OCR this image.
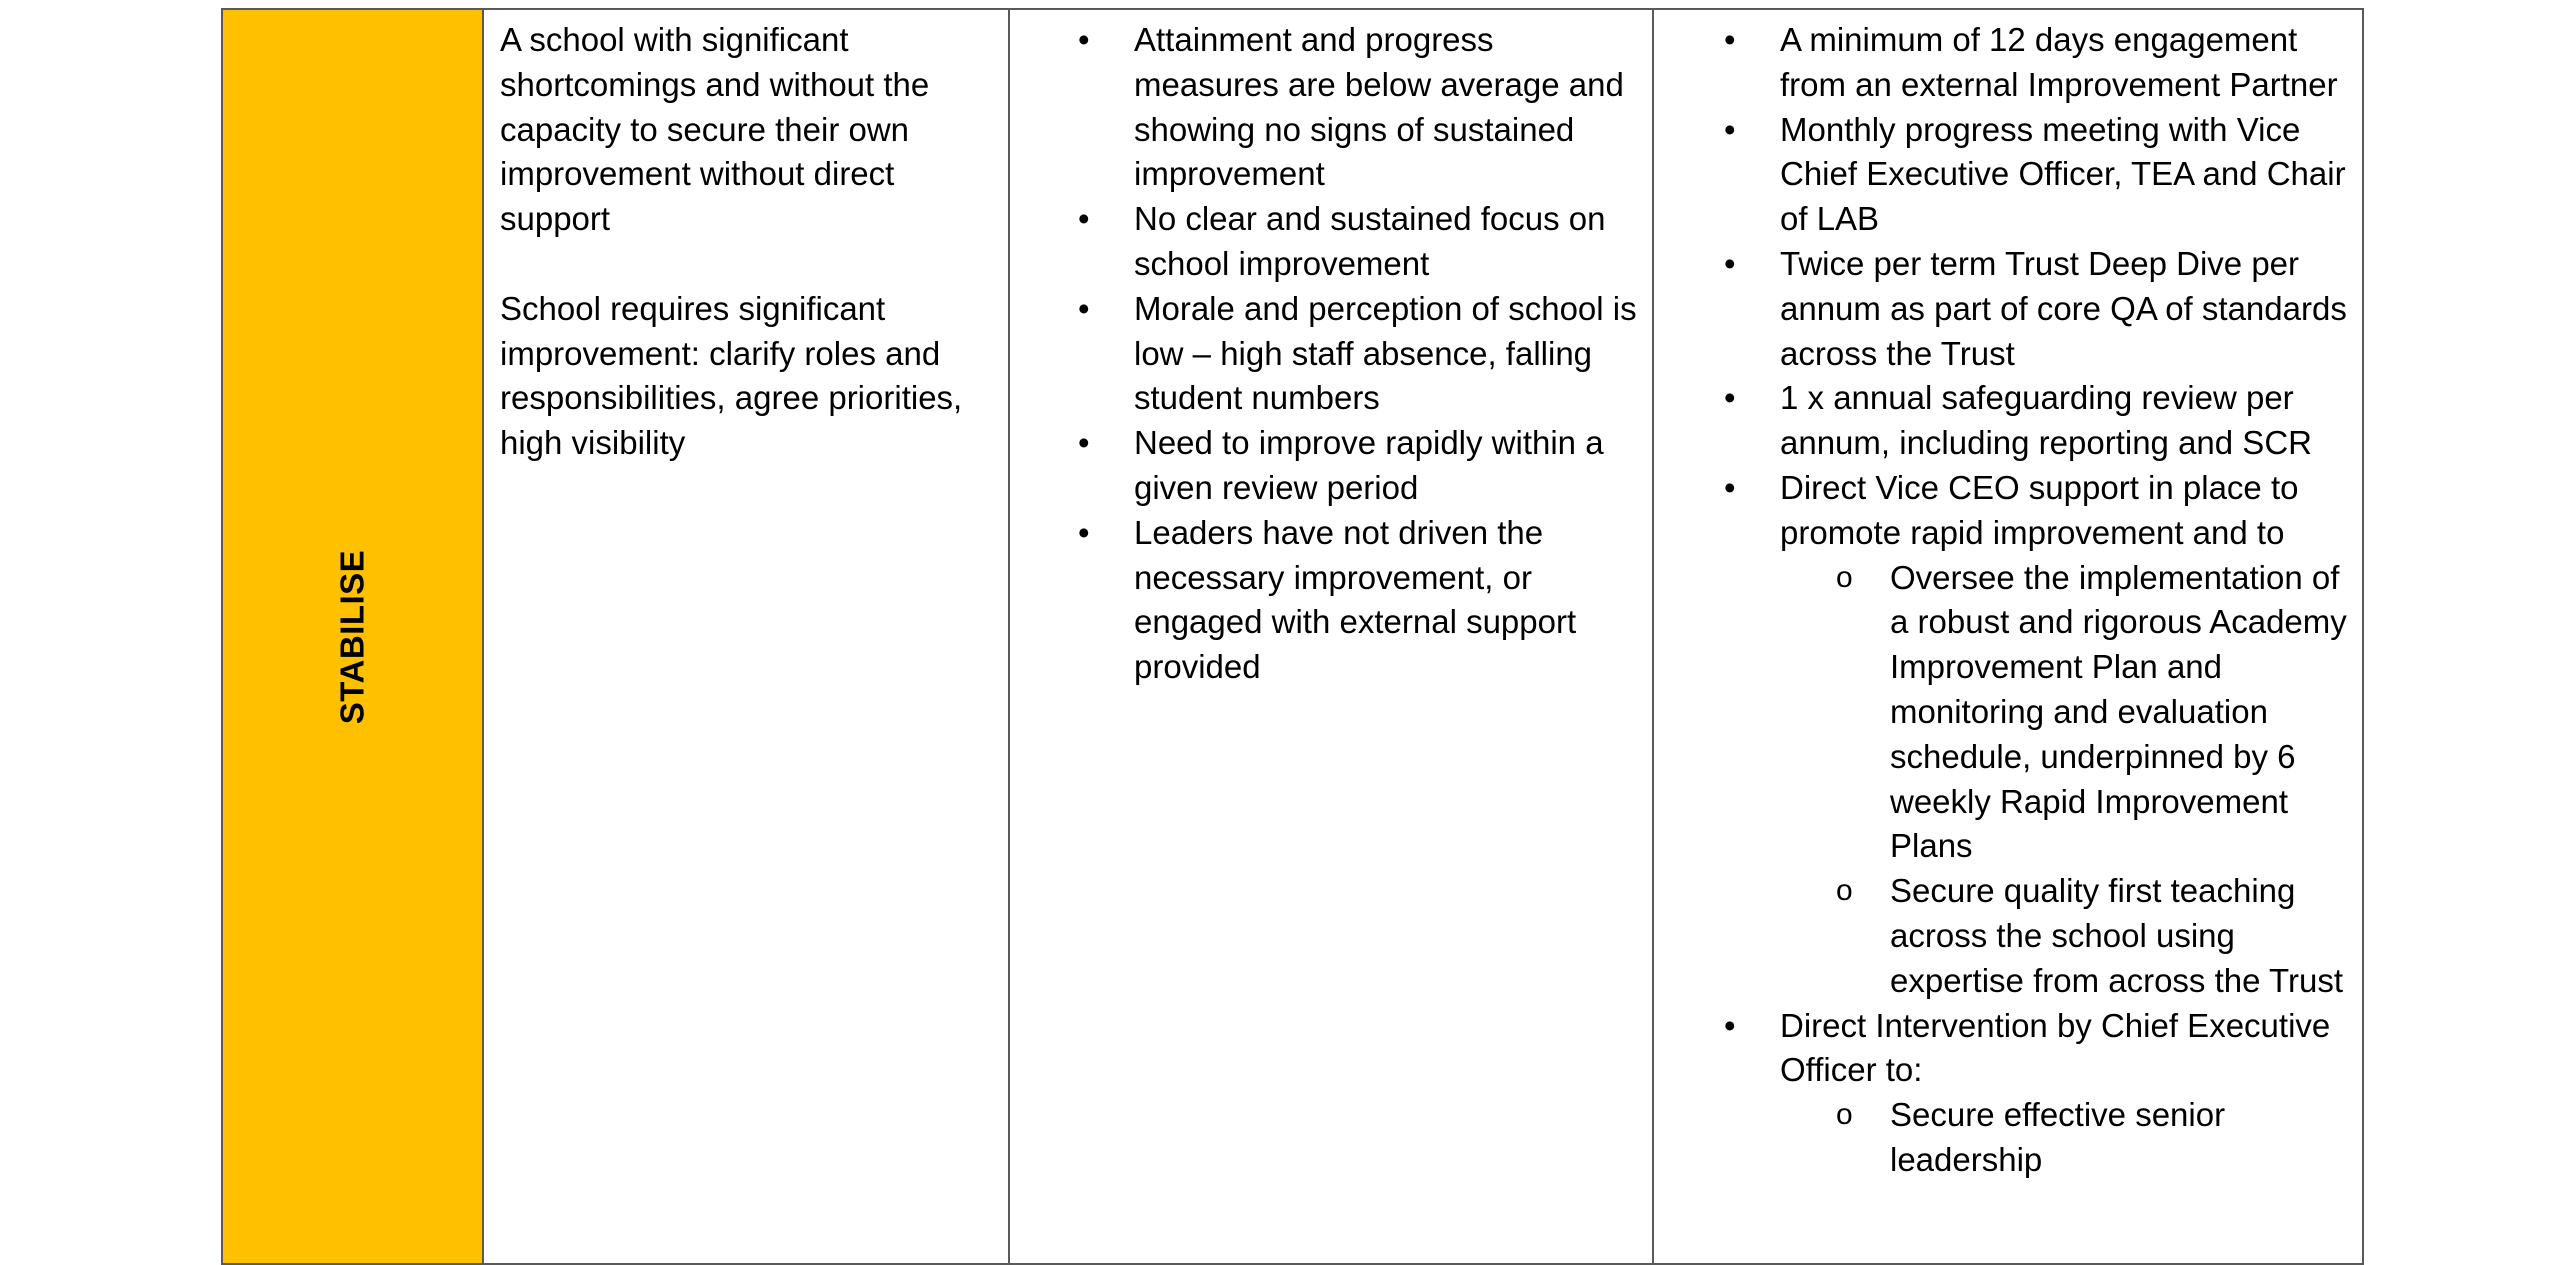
STABILISE

A school with significant shortcomings and without the capacity to secure their own improvement without direct support

School requires significant improvement: clarify roles and responsibilities, agree priorities, high visibility

•	Attainment and progress measures are below average and showing no signs of sustained improvement
•	No clear and sustained focus on school improvement
•	Morale and perception of school is low – high staff absence, falling student numbers
•	Need to improve rapidly within a given review period
•	Leaders have not driven the necessary improvement, or engaged with external support provided

•	A minimum of 12 days engagement from an external Improvement Partner
•	Monthly progress meeting with Vice Chief Executive Officer, TEA and Chair of LAB
•	Twice per term Trust Deep Dive per annum as part of core QA of standards across the Trust
•	1 x annual safeguarding review per annum, including reporting and SCR
•	Direct Vice CEO support in place to promote rapid improvement and to
o Oversee the implementation of a robust and rigorous Academy Improvement Plan and monitoring and evaluation schedule, underpinned by 6 weekly Rapid Improvement Plans
o Secure quality first teaching across the school using expertise from across the Trust
•	Direct Intervention by Chief Executive Officer to:
o Secure effective senior leadership
